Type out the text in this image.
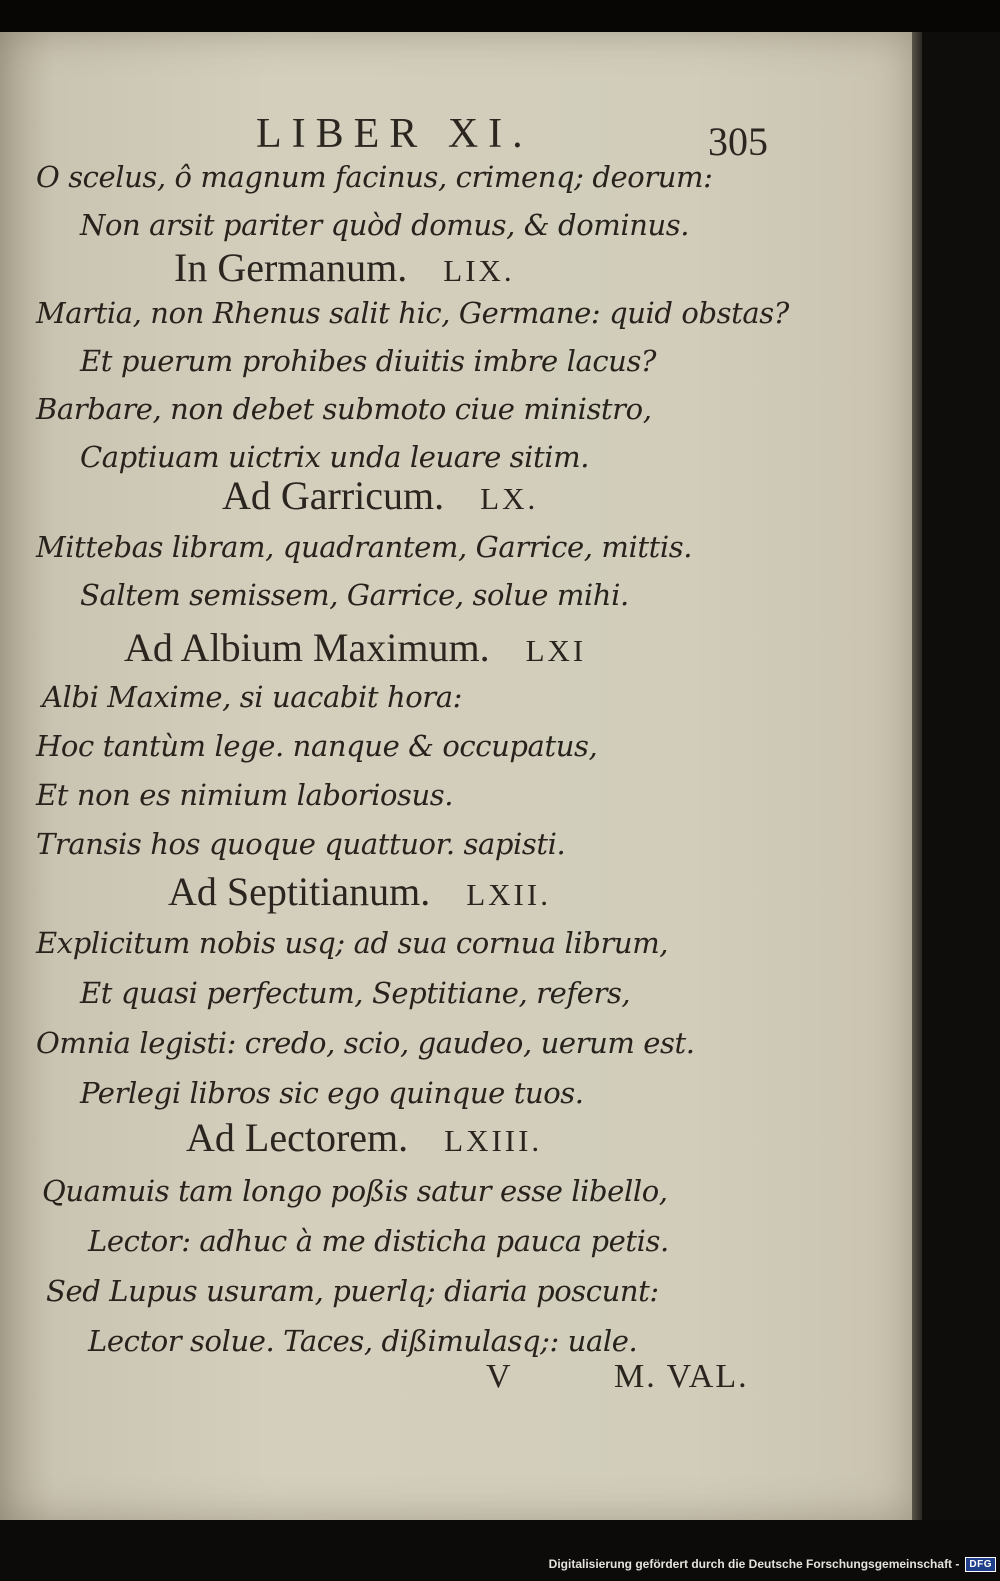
LIBER XI.	305
O scelus, ô magnum facinus, crimenq; deorum:
Non arsit pariter quòd domus, & dominus.
In Germanum. LIX.
Martia, non Rhenus salit hic, Germane: quid obstas?
Et puerum prohibes diuitis imbre lacus?
Barbare, non debet submoto ciue ministro,
Captiuam uictrix unda leuare sitim.
Ad Garricum. LX.
Mittebas libram, quadrantem, Garrice, mittis.
Saltem semissem, Garrice, solue mihi.
Ad Albium Maximum. LXI
Albi Maxime, si uacabit hora:
Hoc tantùm lege. nanque & occupatus,
Et non es nimium laboriosus.
Transis hos quoque quattuor. sapisti.
Ad Septitianum. LXII.
Explicitum nobis usq; ad sua cornua librum,
Et quasi perfectum, Septitiane, refers,
Omnia legisti: credo, scio, gaudeo, uerum est.
Perlegi libros sic ego quinque tuos.
Ad Lectorem. LXIII.
Quamuis tam longo poßis satur esse libello,
Lector: adhuc à me disticha pauca petis.
Sed Lupus usuram, puerlq; diaria poscunt:
Lector solue. Taces, dißimulasq;: uale.
V	M. VAL.
Digitalisierung gefördert durch die Deutsche Forschungsgemeinschaft -	DFG
